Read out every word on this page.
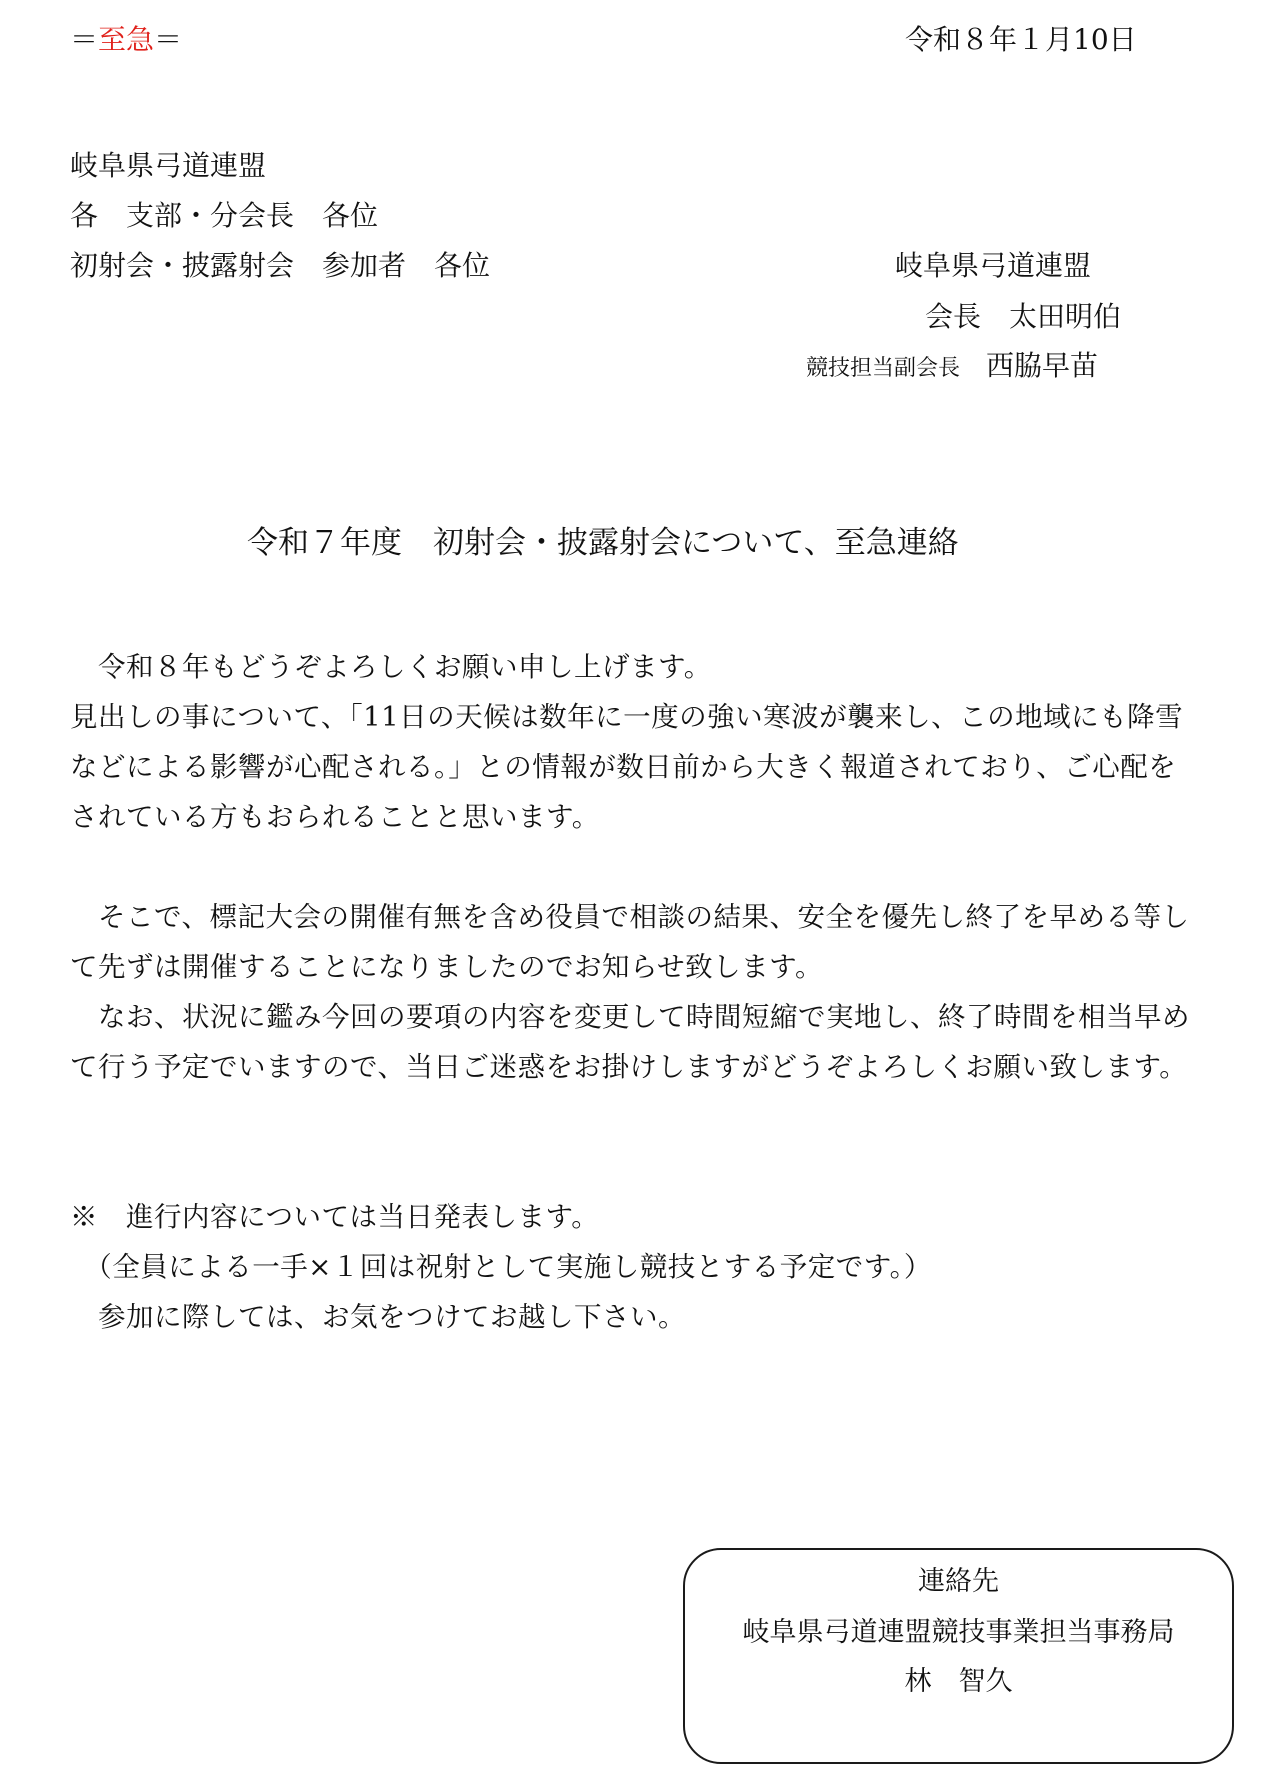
＝至急＝	令和８年１月10日
岐阜県弓道連盟
各　支部・分会長　各位
初射会・披露射会　参加者　各位	岐阜県弓道連盟
会長 太田明伯
競技担当副会長 西脇早苗
令和７年度　初射会・披露射会について、至急連絡
　令和８年もどうぞよろしくお願い申し上げます。
見出しの事について、「11日の天候は数年に一度の強い寒波が襲来し、この地域にも降雪
などによる影響が心配される。」との情報が数日前から大きく報道されており、ご心配を
されている方もおられることと思います。
　そこで、標記大会の開催有無を含め役員で相談の結果、安全を優先し終了を早める等し
て先ずは開催することになりましたのでお知らせ致します。
　なお、状況に鑑み今回の要項の内容を変更して時間短縮で実地し、終了時間を相当早め
て行う予定でいますので、当日ご迷惑をお掛けしますがどうぞよろしくお願い致します。
※　進行内容については当日発表します。
　（全員による一手×１回は祝射として実施し競技とする予定です。）
　参加に際しては、お気をつけてお越し下さい。
連絡先
岐阜県弓道連盟競技事業担当事務局
林　智久
